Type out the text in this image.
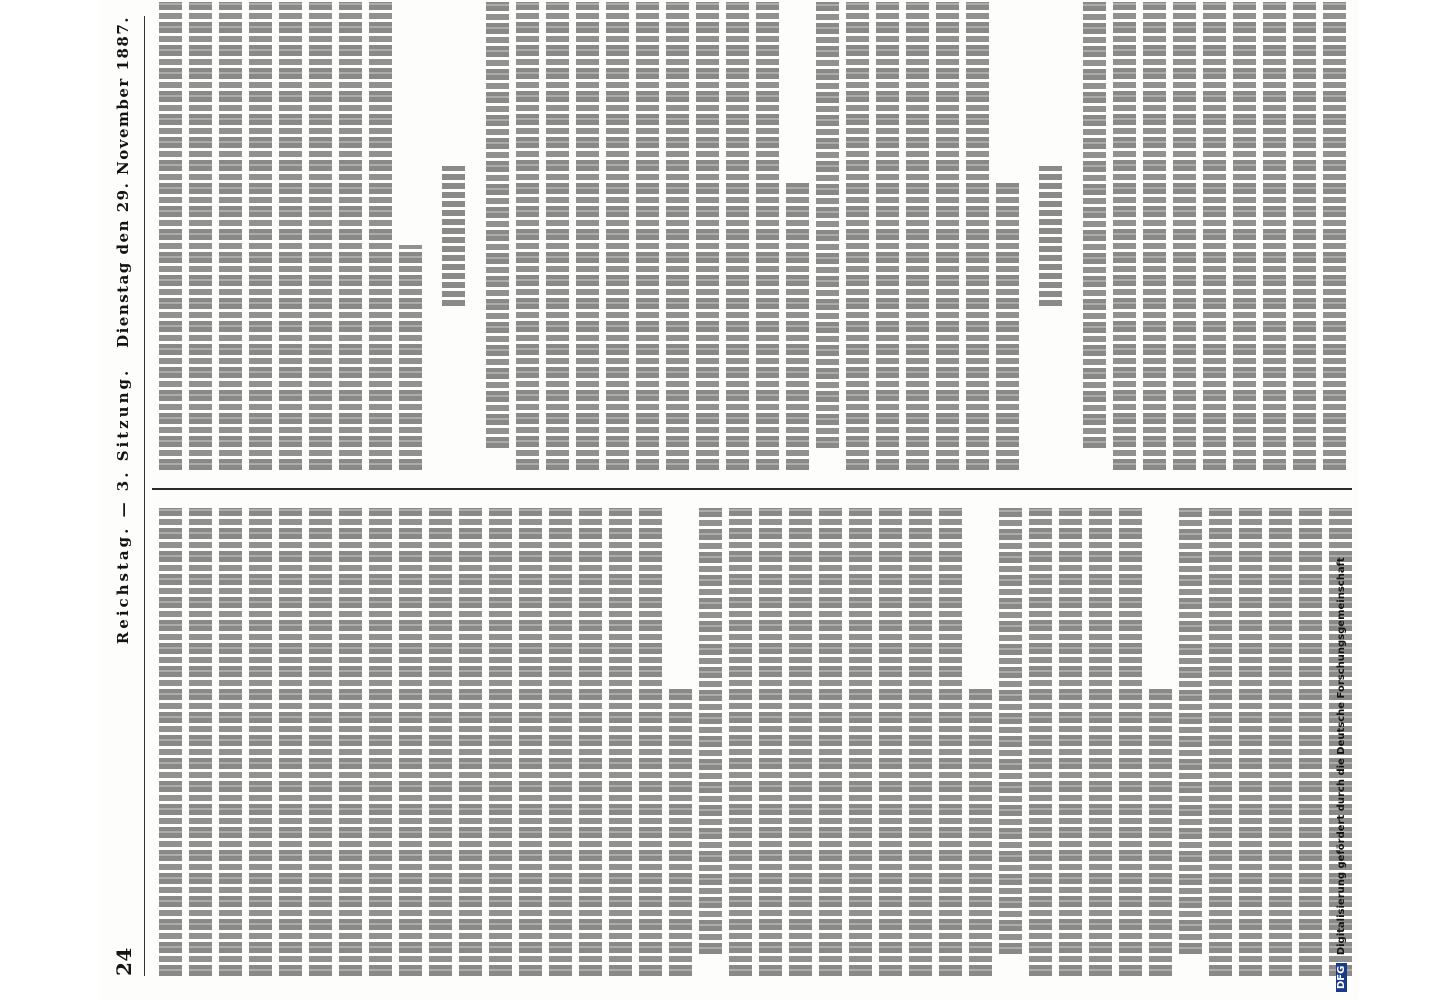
24
Reichstag. — 3. Sitzung.
Dienstag den 29. November 1887.
DFG Digitalisierung gefördert durch die Deutsche Forschungsgemeinschaft
